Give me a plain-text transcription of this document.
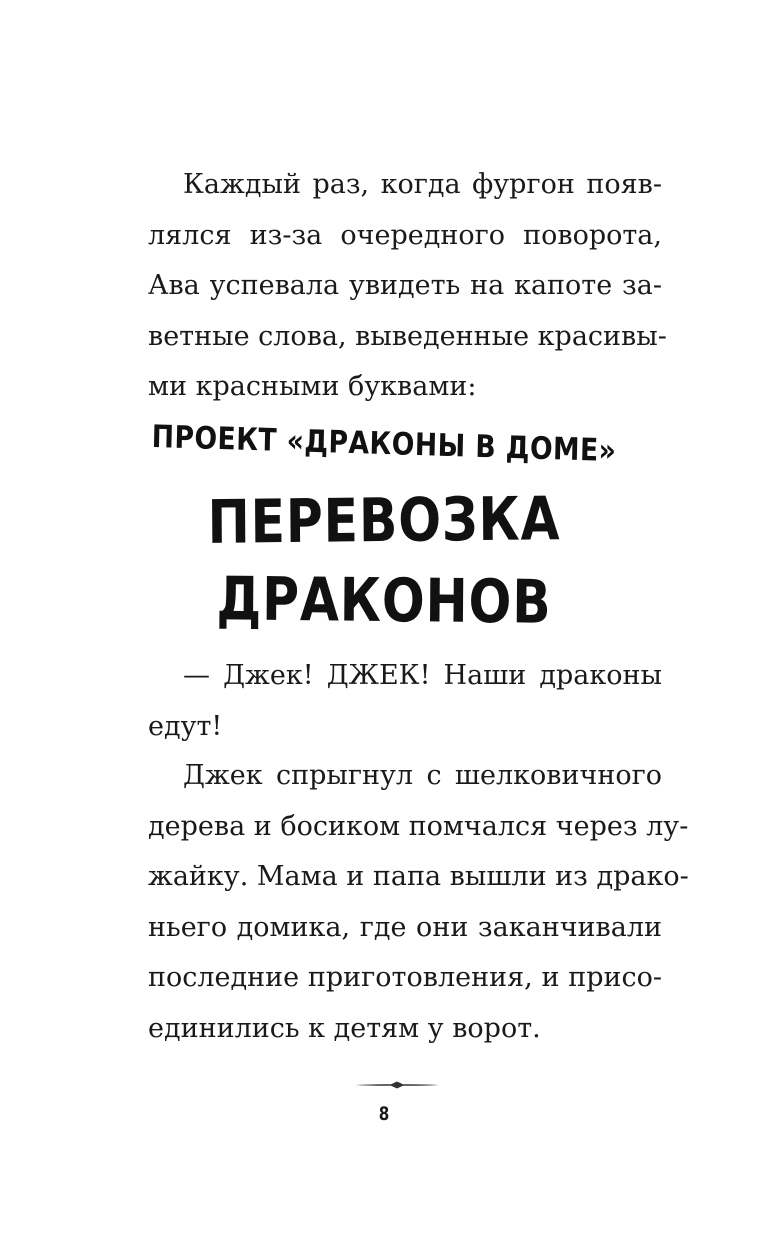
Каждый раз, когда фургон появ-
лялся из-за очередного поворота,
Ава успевала увидеть на капоте за-
ветные слова, выведенные красивы-
ми красными буквами:
ПРОЕКТ «ДРАКОНЫ В ДОМЕ»
ПЕРЕВОЗКА
ДРАКОНОВ
— Джек! ДЖЕК! Наши драконы
едут!
Джек спрыгнул с шелковичного
дерева и босиком помчался через лу-
жайку. Мама и папа вышли из драко-
ньего домика, где они заканчивали
последние приготовления, и присо-
единились к детям у ворот.
8
